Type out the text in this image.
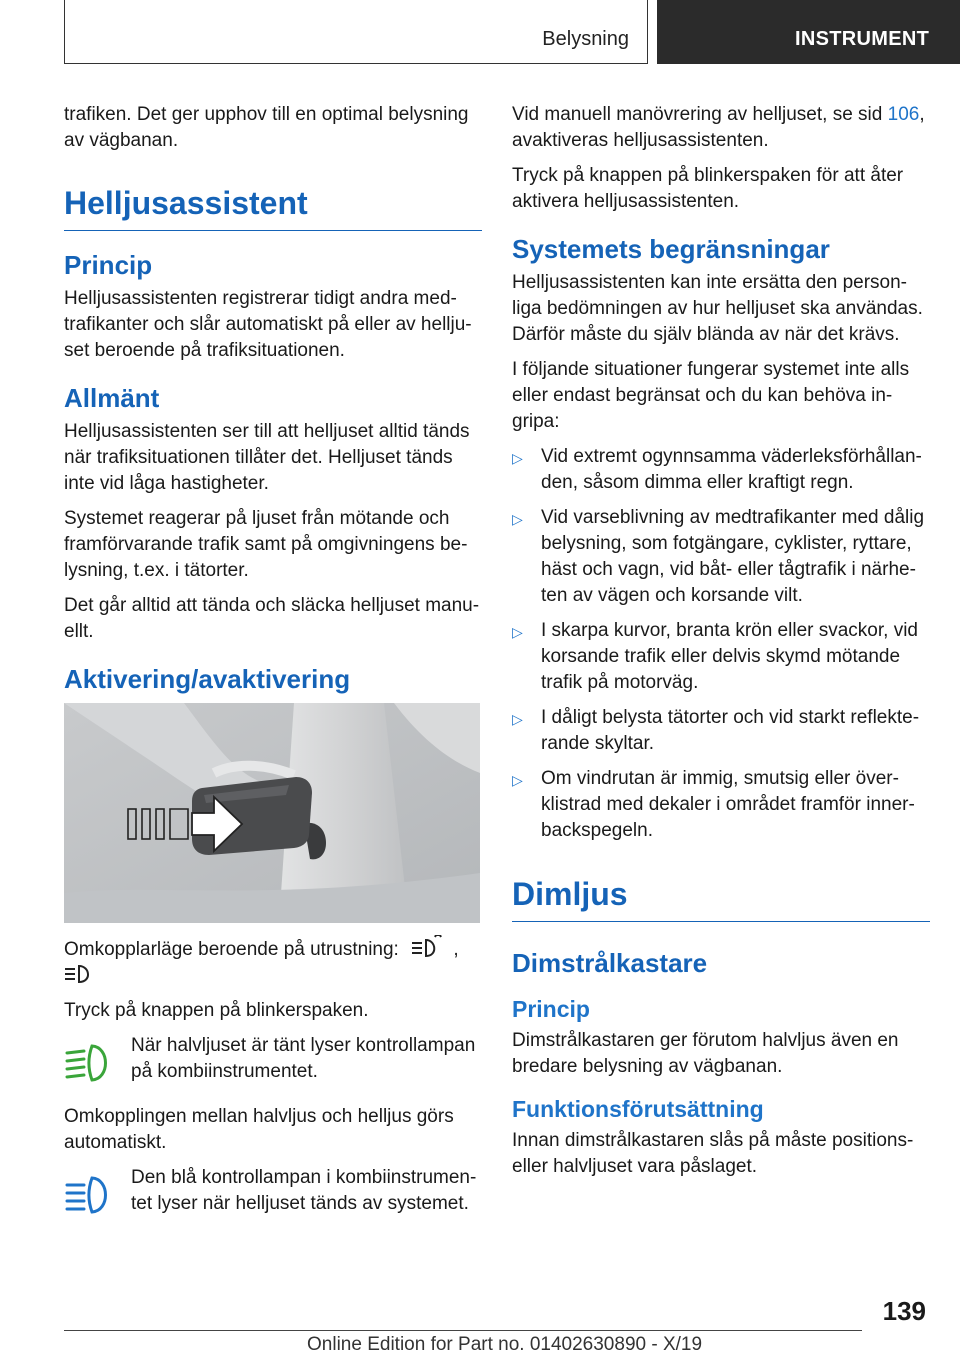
Belysning	INSTRUMENT

trafiken. Det ger upphov till en optimal belysning av vägbanan.

Helljusassistent
Princip

Helljusassistenten registrerar tidigt andra med‐trafikanter och slår automatiskt på eller av hellju‐set beroende på trafiksituationen.

Allmänt

Helljusassistenten ser till att helljuset alltid tänds när trafiksituationen tillåter det. Helljuset tänds inte vid låga hastigheter.

Systemet reagerar på ljuset från mötande och framförvarande trafik samt på omgivningens be‐lysning, t.ex. i tätorter.

Det går alltid att tända och släcka helljuset manu‐ellt.

Aktivering/avaktivering

Omkopplarläge beroende på utrustning:	,

Tryck på knappen på blinkerspaken.

När halvljuset är tänt lyser kontrollampan på kombiinstrumentet.

Omkopplingen mellan halvljus och helljus görs automatiskt.

Den blå kontrollampan i kombiinstrumen‐tet lyser när helljuset tänds av systemet.

Vid manuell manövrering av helljuset, se sid 106, avaktiveras helljusassistenten.

Tryck på knappen på blinkerspaken för att åter aktivera helljusassistenten.

Systemets begränsningar

Helljusassistenten kan inte ersätta den person‐liga bedömningen av hur helljuset ska användas. Därför måste du själv blända av när det krävs.

I följande situationer fungerar systemet inte alls eller endast begränsat och du kan behöva in‐gripa:

▷ Vid extremt ogynnsamma väderleksförhållan‐den, såsom dimma eller kraftigt regn.
▷ Vid varseblivning av medtrafikanter med dålig belysning, som fotgängare, cyklister, ryttare, häst och vagn, vid båt- eller tågtrafik i närhe‐ten av vägen och korsande vilt.
▷ I skarpa kurvor, branta krön eller svackor, vid korsande trafik eller delvis skymd mötande trafik på motorväg.
▷ I dåligt belysta tätorter och vid starkt reflekte‐rande skyltar.
▷ Om vindrutan är immig, smutsig eller över‐klistrad med dekaler i området framför inner‐backspegeln.
Dimljus
Dimstrålkastare
Princip

Dimstrålkastaren ger förutom halvljus även en bredare belysning av vägbanan.

Funktionsförutsättning

Innan dimstrålkastaren slås på måste positions‐eller halvljuset vara påslaget.

139
Online Edition for Part no. 01402630890 - X/19
